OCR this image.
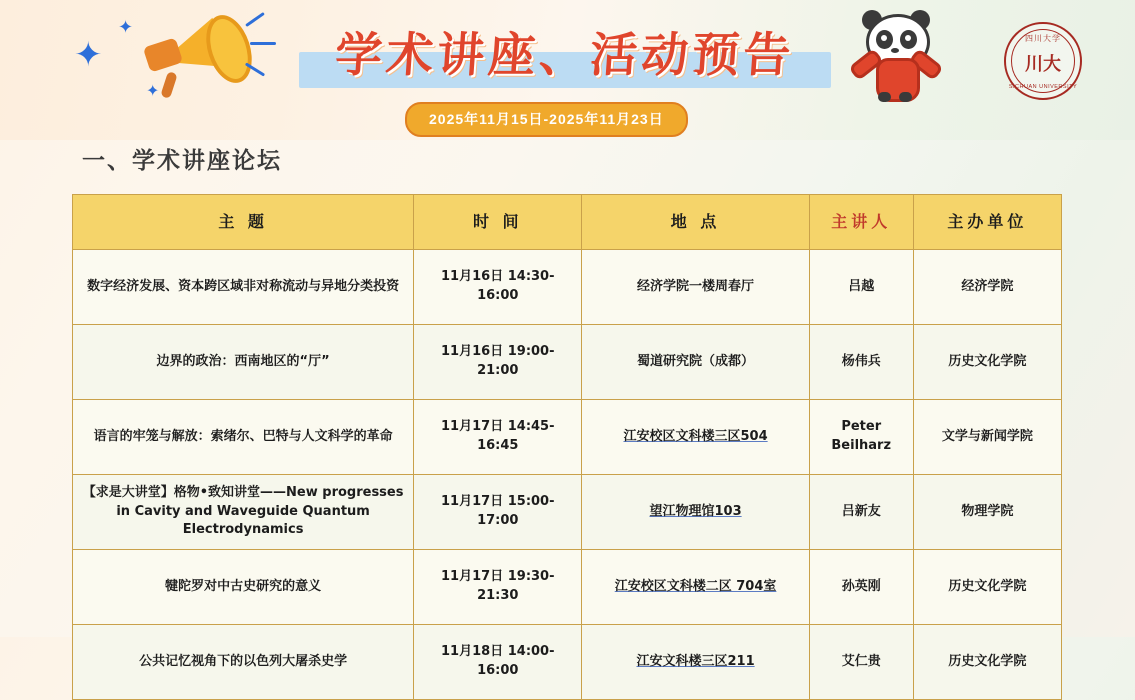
✦
✦
✦
学术讲座、活动预告
2025年11月15日-2025年11月23日
四川大学
川大
SICHUAN UNIVERSITY
一、学术讲座论坛
主 题	时 间	地 点	主讲人	主办单位
数字经济发展、资本跨区域非对称流动与异地分类投资	11月16日 14:30-16:00	经济学院一楼周春厅	吕越	经济学院
边界的政治：西南地区的“厅”	11月16日 19:00-21:00	蜀道研究院（成都）	杨伟兵	历史文化学院
语言的牢笼与解放：索绪尔、巴特与人文科学的革命	11月17日 14:45-16:45	江安校区文科楼三区504	Peter Beilharz	文学与新闻学院
【求是大讲堂】格物•致知讲堂——New progresses in Cavity and Waveguide Quantum Electrodynamics	11月17日 15:00-17:00	望江物理馆103	吕新友	物理学院
犍陀罗对中古史研究的意义	11月17日 19:30-21:30	江安校区文科楼二区 704室	孙英刚	历史文化学院
公共记忆视角下的以色列大屠杀史学	11月18日 14:00-16:00	江安文科楼三区211	艾仁贵	历史文化学院
